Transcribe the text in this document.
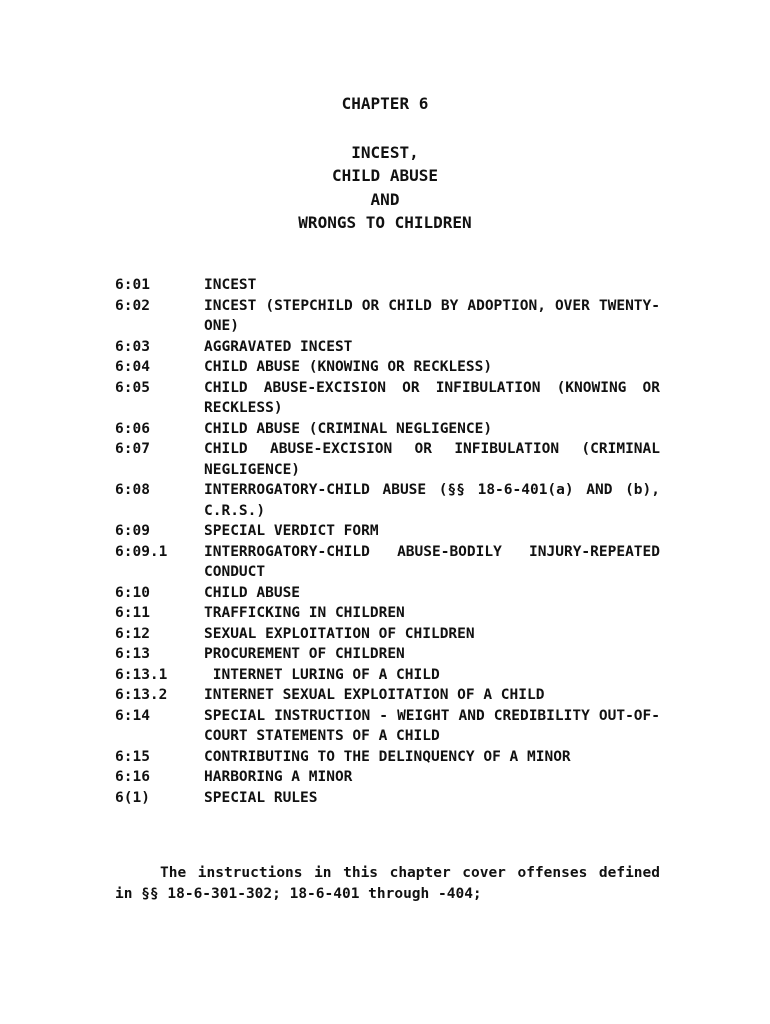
CHAPTER 6
INCEST,
CHILD ABUSE
AND
WRONGS TO CHILDREN
6:01	INCEST
6:02	INCEST (STEPCHILD OR CHILD BY ADOPTION, OVER TWENTY-ONE)
6:03	AGGRAVATED INCEST
6:04	CHILD ABUSE (KNOWING OR RECKLESS)
6:05	CHILD ABUSE-EXCISION OR INFIBULATION (KNOWING OR RECKLESS)
6:06	CHILD ABUSE (CRIMINAL NEGLIGENCE)
6:07	CHILD ABUSE-EXCISION OR INFIBULATION (CRIMINAL NEGLIGENCE)
6:08	INTERROGATORY-CHILD ABUSE (§§ 18-6-401(a) AND (b), C.R.S.)
6:09	SPECIAL VERDICT FORM
6:09.1	INTERROGATORY-CHILD ABUSE-BODILY INJURY-REPEATED CONDUCT
6:10	CHILD ABUSE
6:11	TRAFFICKING IN CHILDREN
6:12	SEXUAL EXPLOITATION OF CHILDREN
6:13	PROCUREMENT OF CHILDREN
6:13.1	INTERNET LURING OF A CHILD
6:13.2	INTERNET SEXUAL EXPLOITATION OF A CHILD
6:14	SPECIAL INSTRUCTION - WEIGHT AND CREDIBILITY OUT-OF-COURT STATEMENTS OF A CHILD
6:15	CONTRIBUTING TO THE DELINQUENCY OF A MINOR
6:16	HARBORING A MINOR
6(1)	SPECIAL RULES

The instructions in this chapter cover offenses defined in §§ 18-6-301-302; 18-6-401 through -404;
